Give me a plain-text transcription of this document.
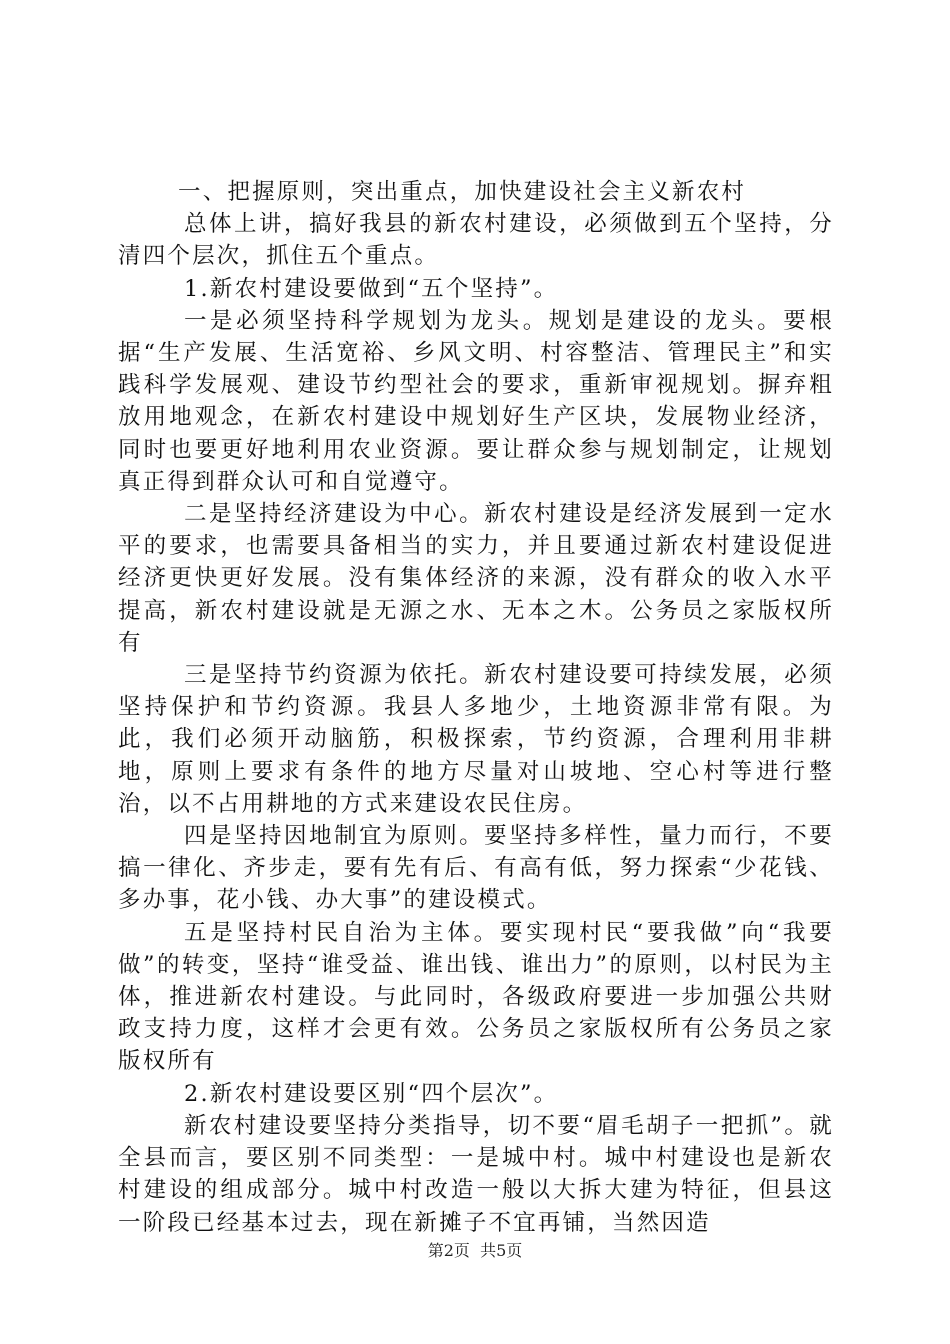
一、把握原则，突出重点，加快建设社会主义新农村

总体上讲，搞好我县的新农村建设，必须做到五个坚持，分清四个层次，抓住五个重点。

1.新农村建设要做到“五个坚持”。

一是必须坚持科学规划为龙头。规划是建设的龙头。要根据“生产发展、生活宽裕、乡风文明、村容整洁、管理民主”和实践科学发展观、建设节约型社会的要求，重新审视规划。摒弃粗放用地观念，在新农村建设中规划好生产区块，发展物业经济，同时也要更好地利用农业资源。要让群众参与规划制定，让规划真正得到群众认可和自觉遵守。

二是坚持经济建设为中心。新农村建设是经济发展到一定水平的要求，也需要具备相当的实力，并且要通过新农村建设促进经济更快更好发展。没有集体经济的来源，没有群众的收入水平提高，新农村建设就是无源之水、无本之木。公务员之家版权所有

三是坚持节约资源为依托。新农村建设要可持续发展，必须坚持保护和节约资源。我县人多地少，土地资源非常有限。为此，我们必须开动脑筋，积极探索，节约资源，合理利用非耕地，原则上要求有条件的地方尽量对山坡地、空心村等进行整治，以不占用耕地的方式来建设农民住房。

四是坚持因地制宜为原则。要坚持多样性，量力而行，不要搞一律化、齐步走，要有先有后、有高有低，努力探索“少花钱、多办事，花小钱、办大事”的建设模式。

五是坚持村民自治为主体。要实现村民“要我做”向“我要做”的转变，坚持“谁受益、谁出钱、谁出力”的原则，以村民为主体，推进新农村建设。与此同时，各级政府要进一步加强公共财政支持力度，这样才会更有效。公务员之家版权所有公务员之家版权所有

2.新农村建设要区别“四个层次”。

新农村建设要坚持分类指导，切不要“眉毛胡子一把抓”。就全县而言，要区别不同类型：一是城中村。城中村建设也是新农村建设的组成部分。城中村改造一般以大拆大建为特征，但县这一阶段已经基本过去，现在新摊子不宜再铺，当然因造

第2页 共5页
